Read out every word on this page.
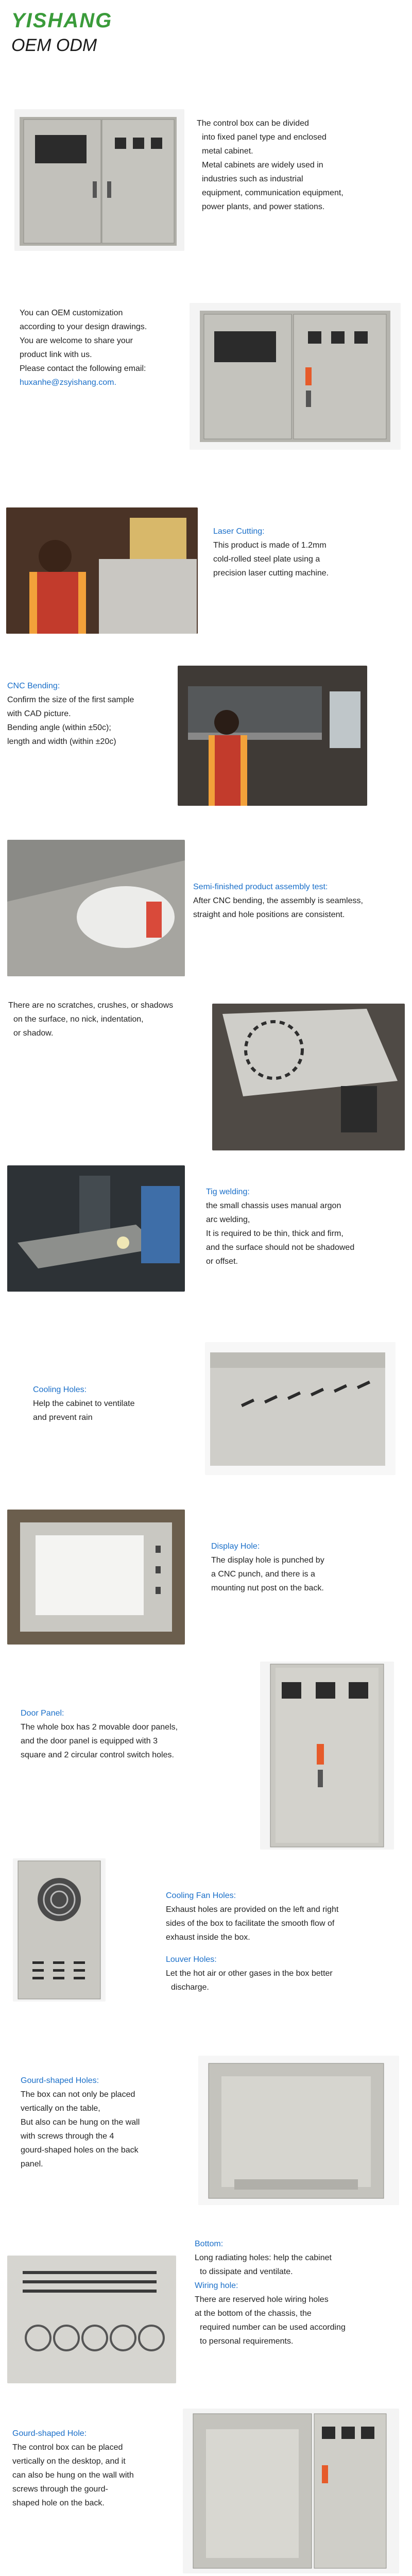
YISHANG
OEM ODM

The control box can be divided

into fixed panel type and enclosed

metal cabinet.

Metal cabinets are widely used in

industries such as industrial

equipment, communication equipment,

power plants, and power stations.

You can OEM customization

according to your design drawings.

You are welcome to share your

product link with us.

Please contact the following email:

huxanhe@zsyishang.com.

Laser Cutting:

This product is made of 1.2mm

cold-rolled steel plate using a

precision laser cutting machine.

CNC Bending:

Confirm the size of the first sample

with CAD picture.

Bending angle (within ±50c);

length and width (within ±20c)

Semi-finished product assembly test:

After CNC bending, the assembly is seamless,

straight and hole positions are consistent.

There are no scratches, crushes, or shadows

on the surface, no nick, indentation,

or shadow.

Tig welding:

the small chassis uses manual argon

arc welding,

It is required to be thin, thick and firm,

and the surface should not be shadowed

or offset.

Cooling Holes:

Help the cabinet to ventilate

and prevent rain

Display Hole:

The display hole is punched by

a CNC punch, and there is a

mounting nut post on the back.

Door Panel:

The whole box has 2 movable door panels,

and the door panel is equipped with 3

square and 2 circular control switch holes.

Cooling Fan Holes:

Exhaust holes are provided on the left and right

sides of the box to facilitate the smooth flow of

exhaust inside the box.

Louver Holes:

Let the hot air or other gases in the box better

discharge.

Gourd-shaped Holes:

The box can not only be placed

vertically on the table,

But also can be hung on the wall

with screws through the 4

gourd-shaped holes on the back

panel.

Bottom:

Long radiating holes: help the cabinet

to dissipate and ventilate.

Wiring hole:

There are reserved hole wiring holes

at the bottom of the chassis, the

required number can be used according

to personal requirements.

Gourd-shaped Hole:

The control box can be placed

vertically on the desktop, and it

can also be hung on the wall with

screws through the gourd-

shaped hole on the back.
